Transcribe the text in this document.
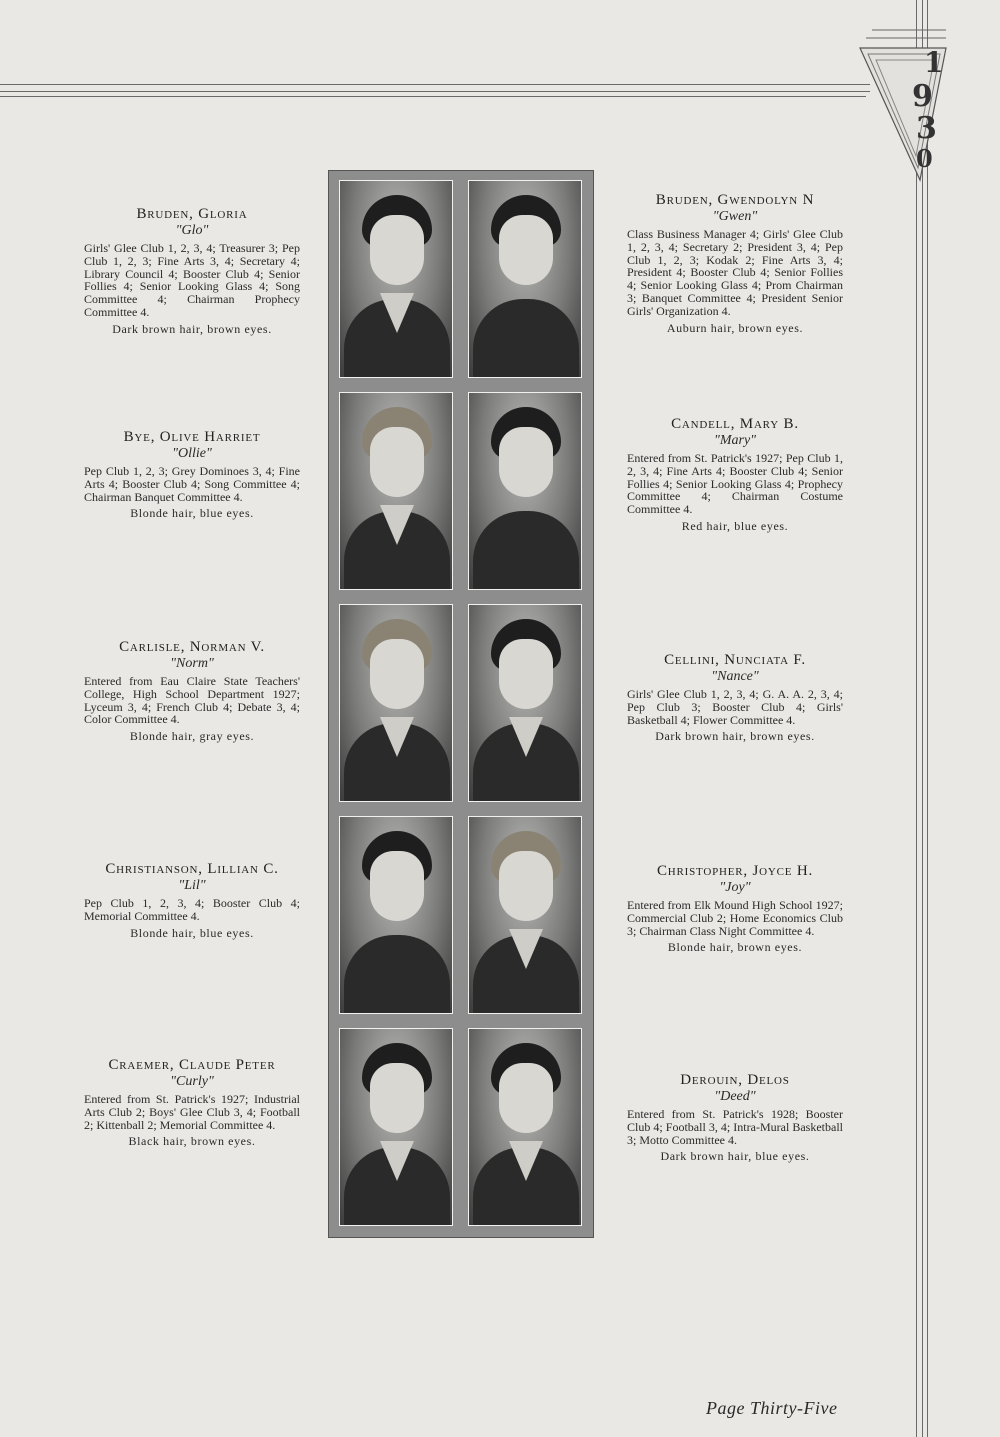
1
9
3
0
Bruden, Gloria
"Glo"
Girls' Glee Club 1, 2, 3, 4; Treasurer 3; Pep Club 1, 2, 3; Fine Arts 3, 4; Secretary 4; Library Council 4; Booster Club 4; Senior Follies 4; Senior Looking Glass 4; Song Committee 4; Chairman Prophecy Committee 4.
Dark brown hair, brown eyes.
Bye, Olive Harriet
"Ollie"
Pep Club 1, 2, 3; Grey Dominoes 3, 4; Fine Arts 4; Booster Club 4; Song Committee 4; Chairman Banquet Committee 4.
Blonde hair, blue eyes.
Carlisle, Norman V.
"Norm"
Entered from Eau Claire State Teachers' College, High School Department 1927; Lyceum 3, 4; French Club 4; Debate 3, 4; Color Committee 4.
Blonde hair, gray eyes.
Christianson, Lillian C.
"Lil"
Pep Club 1, 2, 3, 4; Booster Club 4; Memorial Committee 4.
Blonde hair, blue eyes.
Craemer, Claude Peter
"Curly"
Entered from St. Patrick's 1927; Industrial Arts Club 2; Boys' Glee Club 3, 4; Football 2; Kittenball 2; Memorial Committee 4.
Black hair, brown eyes.
Bruden, Gwendolyn N
"Gwen"
Class Business Manager 4; Girls' Glee Club 1, 2, 3, 4; Secretary 2; President 3, 4; Pep Club 1, 2, 3; Kodak 2; Fine Arts 3, 4; President 4; Booster Club 4; Senior Follies 4; Senior Looking Glass 4; Prom Chairman 3; Banquet Committee 4; President Senior Girls' Organization 4.
Auburn hair, brown eyes.
Candell, Mary B.
"Mary"
Entered from St. Patrick's 1927; Pep Club 1, 2, 3, 4; Fine Arts 4; Booster Club 4; Senior Follies 4; Senior Looking Glass 4; Prophecy Committee 4; Chairman Costume Committee 4.
Red hair, blue eyes.
Cellini, Nunciata F.
"Nance"
Girls' Glee Club 1, 2, 3, 4; G. A. A. 2, 3, 4; Pep Club 3; Booster Club 4; Girls' Basketball 4; Flower Committee 4.
Dark brown hair, brown eyes.
Christopher, Joyce H.
"Joy"
Entered from Elk Mound High School 1927; Commercial Club 2; Home Economics Club 3; Chairman Class Night Committee 4.
Blonde hair, brown eyes.
Derouin, Delos
"Deed"
Entered from St. Patrick's 1928; Booster Club 4; Football 3, 4; Intra-Mural Basketball 3; Motto Committee 4.
Dark brown hair, blue eyes.
Page Thirty-Five
